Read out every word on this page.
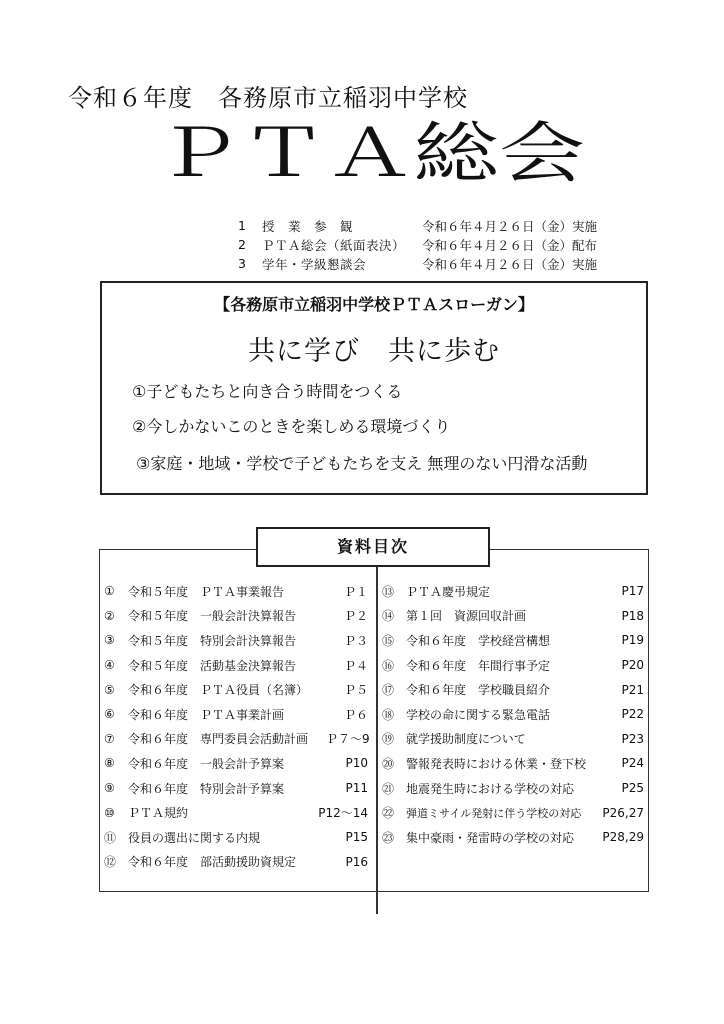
令和６年度　各務原市立稲羽中学校
ＰＴＡ総会
1	授　業　参　観	令和６年４月２６日（金）実施
2	ＰＴＡ総会（紙面表決）	令和６年４月２６日（金）配布
3	学年・学級懇談会	令和６年４月２６日（金）実施
【各務原市立稲羽中学校ＰＴＡスローガン】
共に学び　共に歩む
①子どもたちと向き合う時間をつくる
②今しかないこのときを楽しめる環境づくり
③家庭・地域・学校で子どもたちを支え 無理のない円滑な活動
資料目次
①	令和５年度　ＰＴＡ事業報告	Ｐ１
②	令和５年度　一般会計決算報告	Ｐ２
③	令和５年度　特別会計決算報告	Ｐ３
④	令和５年度　活動基金決算報告	Ｐ４
⑤	令和６年度　ＰＴＡ役員（名簿）	Ｐ５
⑥	令和６年度　ＰＴＡ事業計画	Ｐ６
⑦	令和６年度　専門委員会活動計画	Ｐ７～9
⑧	令和６年度　一般会計予算案	P10
⑨	令和６年度　特別会計予算案	P11
⑩	ＰＴＡ規約	P12～14
⑪ 役員の選出に関する内規	P15
⑫ 令和６年度　部活動援助資規定	P16
⑬ ＰＴＡ慶弔規定	P17
⑭ 第１回　資源回収計画	P18
⑮ 令和６年度　学校経営構想	P19
⑯ 令和６年度　年間行事予定	P20
⑰ 令和６年度　学校職員紹介	P21
⑱ 学校の命に関する緊急電話	P22
⑲ 就学援助制度について	P23
⑳ 警報発表時における休業・登下校	P24
㉑ 地震発生時における学校の対応	P25
㉒	弾道ミサイル発射に伴う学校の対応	P26,27
㉓ 集中豪雨・発雷時の学校の対応	P28,29
